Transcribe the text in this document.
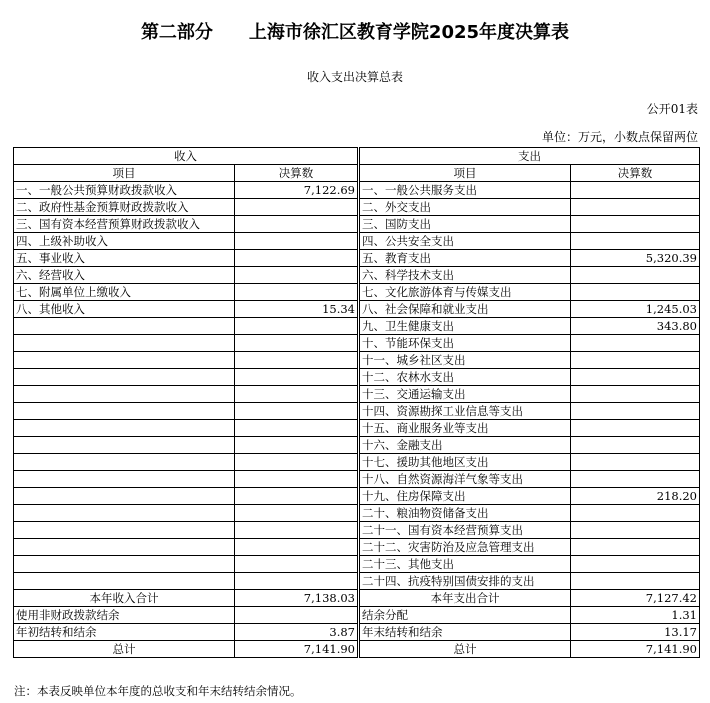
第二部分　　上海市徐汇区教育学院2025年度决算表
收入支出决算总表
公开01表
单位：万元，小数点保留两位
收入			支出	
项目	决算数		项目	决算数
一、一般公共预算财政拨款收入	7,122.69		一、一般公共服务支出	
二、政府性基金预算财政拨款收入			二、外交支出	
三、国有资本经营预算财政拨款收入			三、国防支出	
四、上级补助收入			四、公共安全支出	
五、事业收入			五、教育支出	5,320.39
六、经营收入			六、科学技术支出	
七、附属单位上缴收入			七、文化旅游体育与传媒支出	
八、其他收入	15.34		八、社会保障和就业支出	1,245.03
			九、卫生健康支出	343.80
			十、节能环保支出	
			十一、城乡社区支出	
			十二、农林水支出	
			十三、交通运输支出	
			十四、资源勘探工业信息等支出	
			十五、商业服务业等支出	
			十六、金融支出	
			十七、援助其他地区支出	
			十八、自然资源海洋气象等支出	
			十九、住房保障支出	218.20
			二十、粮油物资储备支出	
			二十一、国有资本经营预算支出	
			二十二、灾害防治及应急管理支出	
			二十三、其他支出	
			二十四、抗疫特别国债安排的支出	
本年收入合计	7,138.03		本年支出合计	7,127.42
使用非财政拨款结余			结余分配	1.31
年初结转和结余	3.87		年末结转和结余	13.17
总计	7,141.90		总计	7,141.90
注：本表反映单位本年度的总收支和年末结转结余情况。
